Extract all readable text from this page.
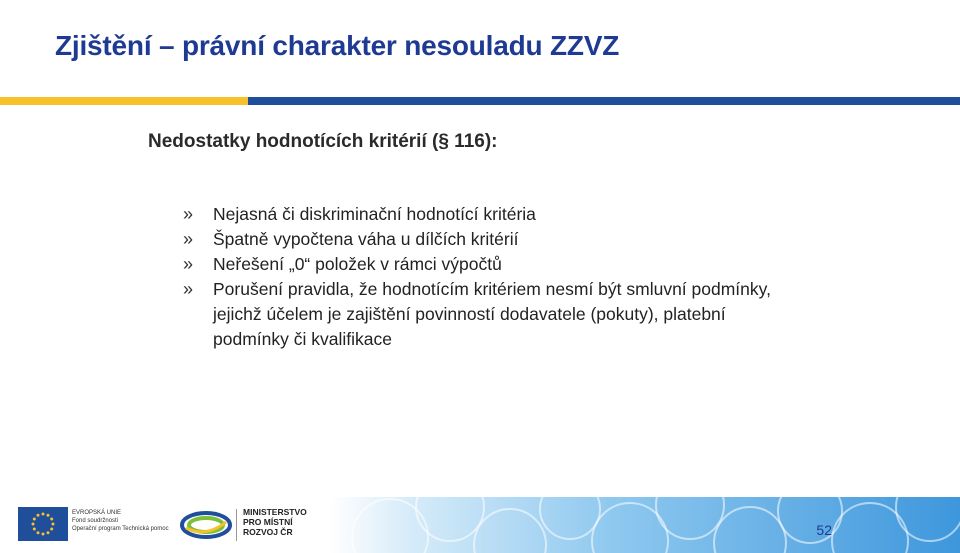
Zjištění – právní charakter nesouladu ZZVZ
Nedostatky hodnotících kritérií (§ 116):
» Nejasná či diskriminační hodnotící kritéria
» Špatně vypočtena váha u dílčích kritérií
» Neřešení „0“ položek v rámci výpočtů
» Porušení pravidla, že hodnotícím kritériem nesmí být smluvní podmínky, jejichž účelem je zajištění povinností dodavatele (pokuty), platební podmínky či kvalifikace
EVROPSKÁ UNIE
Fond soudržnosti
Operační program Technická pomoc
MINISTERSTVO
PRO MÍSTNÍ
ROZVOJ ČR	52
